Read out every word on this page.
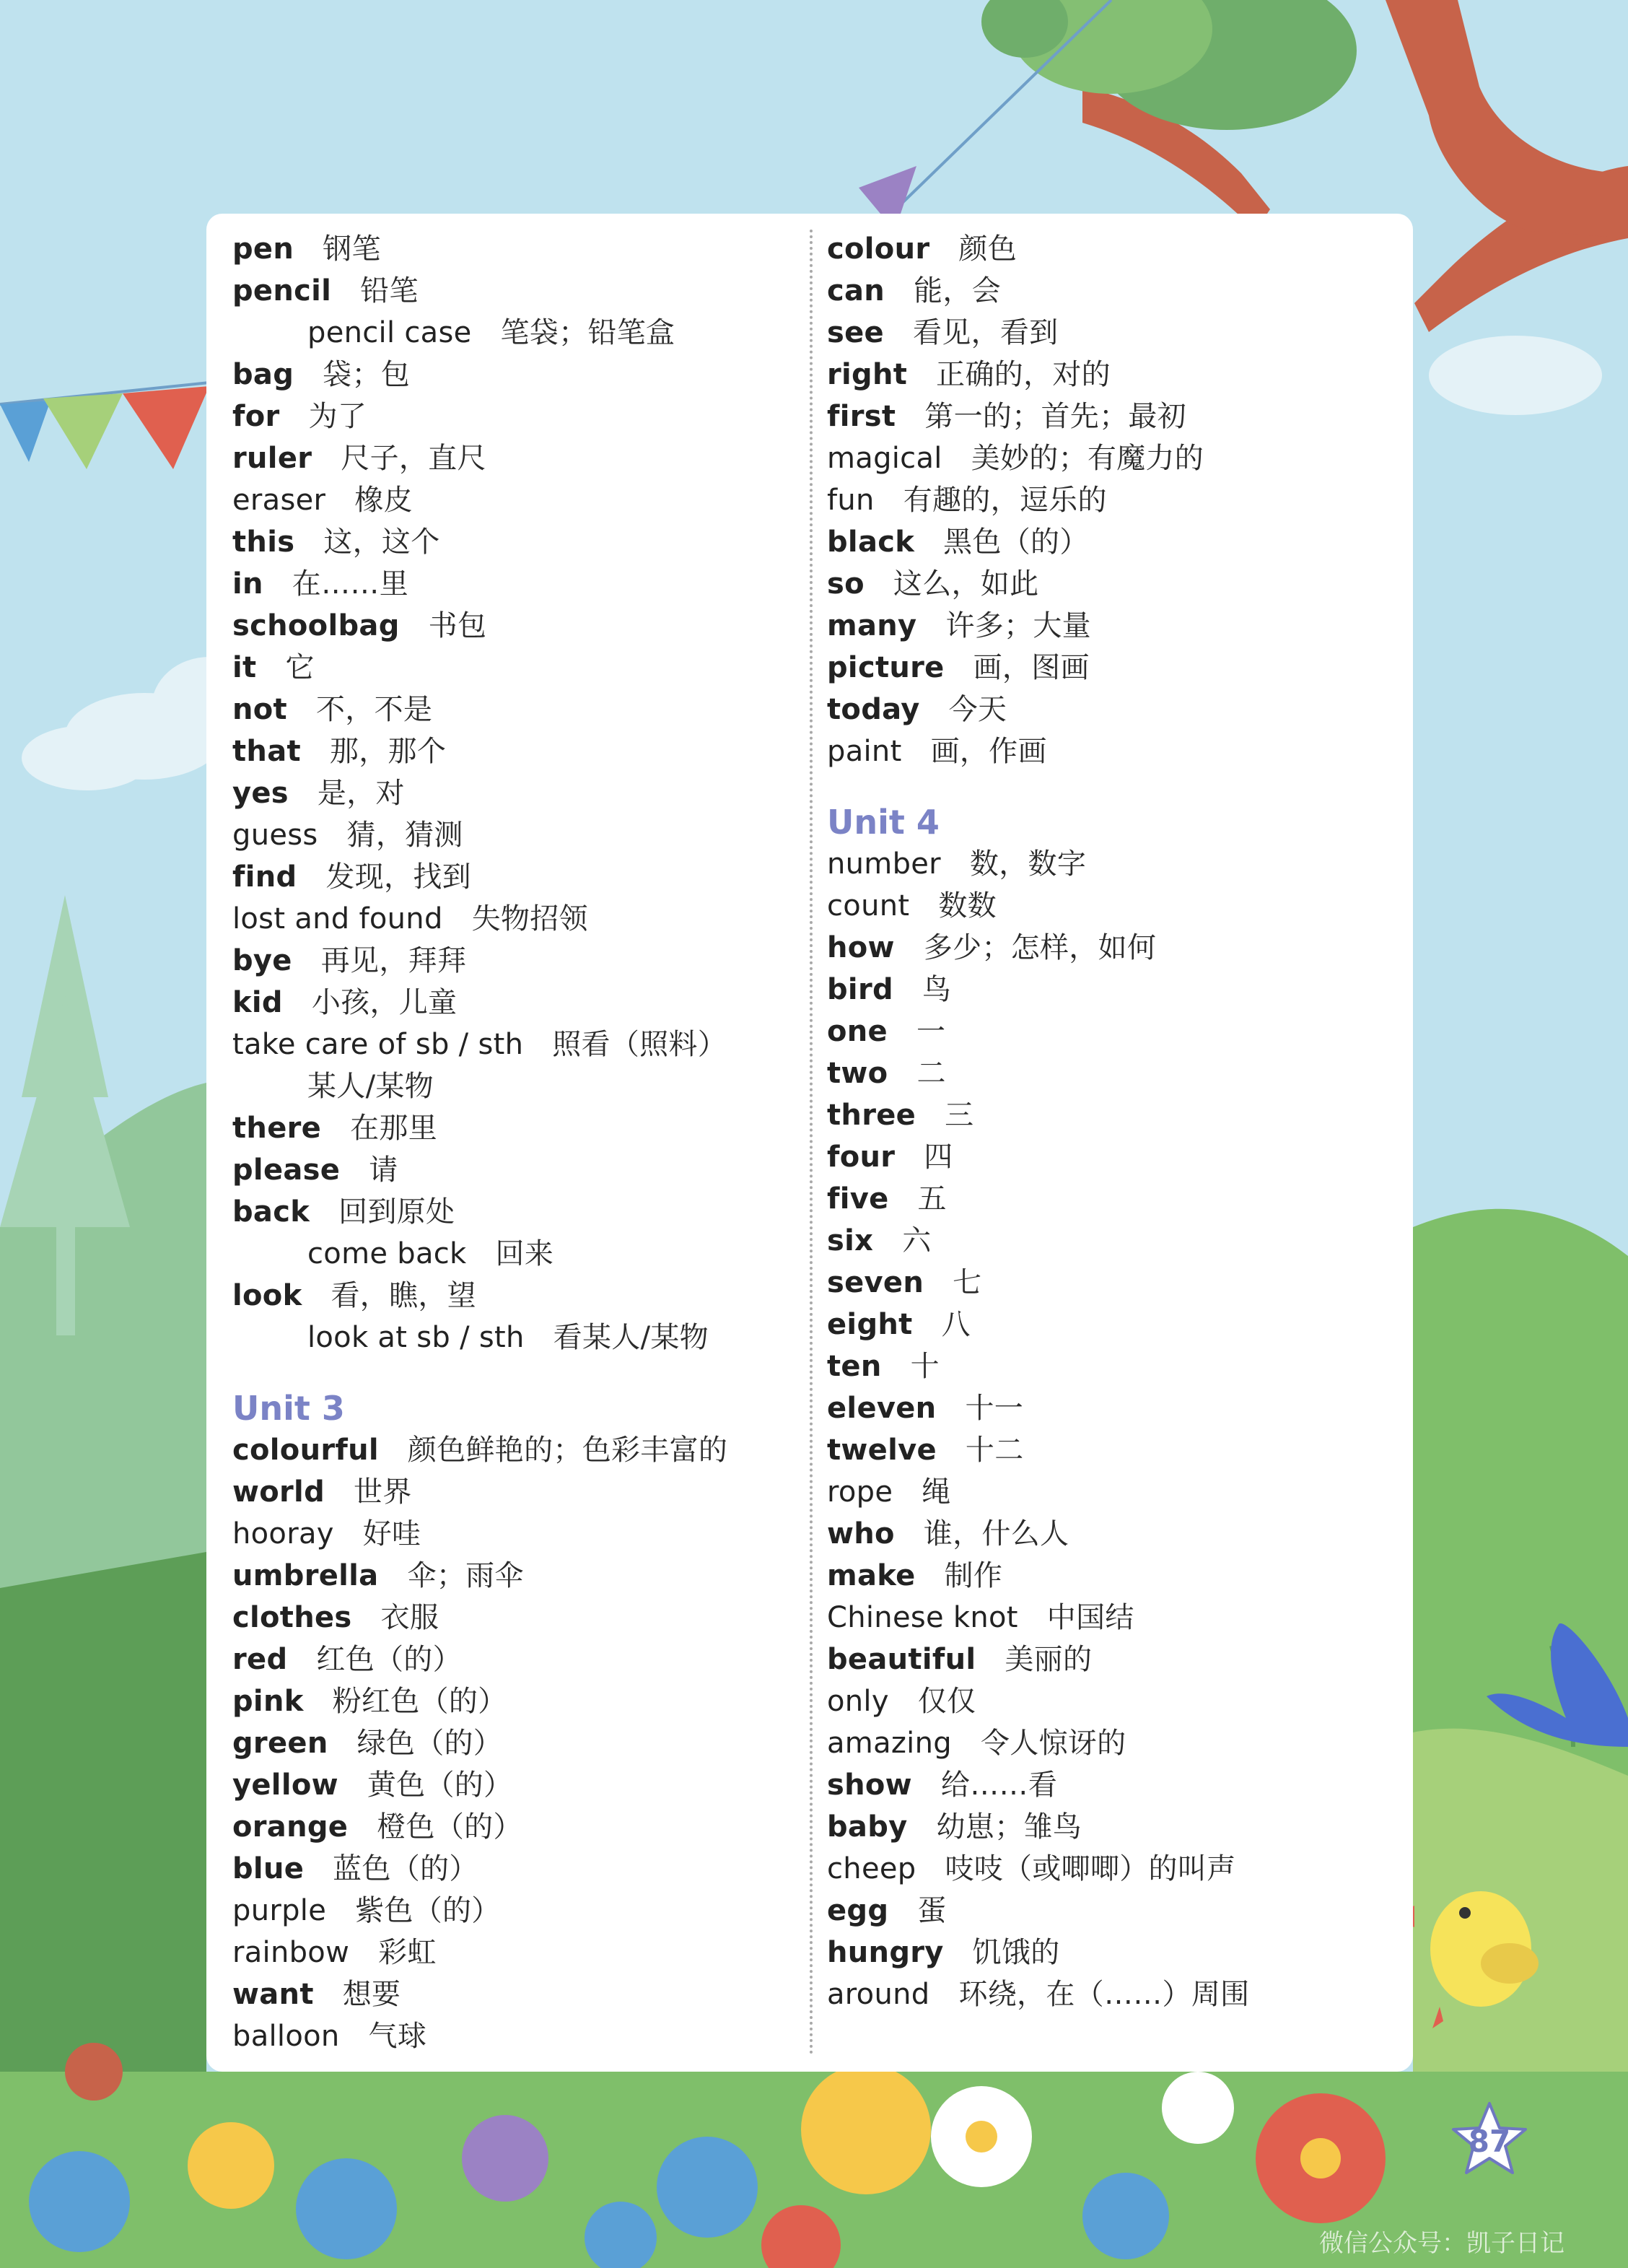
87
微信公众号：凯子日记
pen 钢笔
pencil 铅笔
pencil case 笔袋；铅笔盒
bag 袋；包
for 为了
ruler 尺子，直尺
eraser 橡皮
this 这，这个
in 在……里
schoolbag 书包
it 它
not 不，不是
that 那，那个
yes 是，对
guess 猜，猜测
find 发现，找到
lost and found 失物招领
bye 再见，拜拜
kid 小孩，儿童
take care of sb / sth 照看（照料）
某人/某物
there 在那里
please 请
back 回到原处
come back 回来
look 看，瞧，望
look at sb / sth 看某人/某物
Unit 3
colourful 颜色鲜艳的；色彩丰富的
world 世界
hooray 好哇
umbrella 伞；雨伞
clothes 衣服
red 红色（的）
pink 粉红色（的）
green 绿色（的）
yellow 黄色（的）
orange 橙色（的）
blue 蓝色（的）
purple 紫色（的）
rainbow 彩虹
want 想要
balloon 气球
colour 颜色
can 能，会
see 看见，看到
right 正确的，对的
first 第一的；首先；最初
magical 美妙的；有魔力的
fun 有趣的，逗乐的
black 黑色（的）
so 这么，如此
many 许多；大量
picture 画，图画
today 今天
paint 画，作画
Unit 4
number 数，数字
count 数数
how 多少；怎样，如何
bird 鸟
one 一
two 二
three 三
four 四
five 五
six 六
seven 七
eight 八
ten 十
eleven 十一
twelve 十二
rope 绳
who 谁，什么人
make 制作
Chinese knot 中国结
beautiful 美丽的
only 仅仅
amazing 令人惊讶的
show 给……看
baby 幼崽；雏鸟
cheep 吱吱（或唧唧）的叫声
egg 蛋
hungry 饥饿的
around 环绕，在（……）周围
